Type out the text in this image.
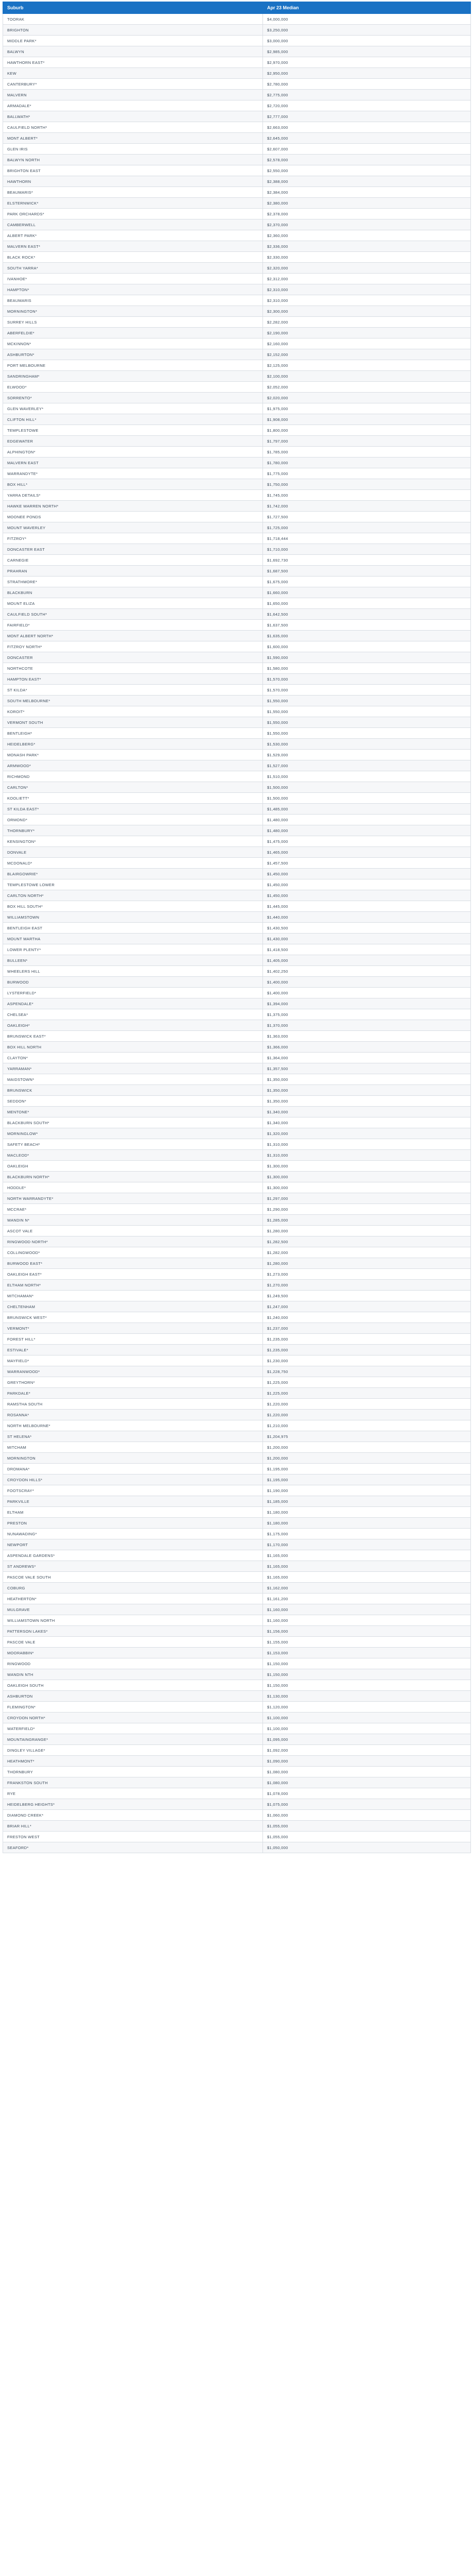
Suburb	Apr 23 Median
TOORAK	$4,000,000
BRIGHTON	$3,250,000
MIDDLE PARK*	$3,000,000
BALWYN	$2,985,000
HAWTHORN EAST*	$2,970,000
KEW	$2,950,000
CANTERBURY*	$2,780,000
MALVERN	$2,775,000
ARMADALE*	$2,720,000
BALLWATH*	$2,777,000
CAULFIELD NORTH*	$2,663,000
MONT ALBERT*	$2,645,000
GLEN IRIS	$2,607,000
BALWYN NORTH	$2,578,000
BRIGHTON EAST	$2,550,000
HAWTHORN	$2,388,000
BEAUMARIS*	$2,384,000
ELSTERNWICK*	$2,380,000
PARK ORCHARDS*	$2,378,000
CAMBERWELL	$2,370,000
ALBERT PARK*	$2,360,000
MALVERN EAST*	$2,336,000
BLACK ROCK*	$2,330,000
SOUTH YARRA*	$2,320,000
IVANHOE*	$2,312,000
HAMPTON*	$2,310,000
BEAUMARIS	$2,310,000
MORNINGTON*	$2,300,000
SURREY HILLS	$2,282,000
ABERFELDIE*	$2,190,000
MCKINNON*	$2,160,000
ASHBURTON*	$2,152,000
PORT MELBOURNE	$2,125,000
SANDRINGHAM*	$2,100,000
ELWOOD*	$2,052,000
SORRENTO*	$2,020,000
GLEN WAVERLEY*	$1,975,000
CLIFTON HILL*	$1,908,000
TEMPLESTOWE	$1,800,000
EDGEWATER	$1,797,000
ALPHINGTON*	$1,785,000
MALVERN EAST	$1,780,000
WARRANDYTE*	$1,775,000
BOX HILL*	$1,750,000
YARRA DETAILS*	$1,745,000
HAWKE WARREN NORTH*	$1,742,000
MOONEE PONDS	$1,727,500
MOUNT WAVERLEY	$1,725,000
FITZROY*	$1,718,444
DONCASTER EAST	$1,710,000
CARNEGIE	$1,692,730
PRAHRAN	$1,687,500
STRATHMORE*	$1,675,000
BLACKBURN	$1,660,000
MOUNT ELIZA	$1,650,000
CAULFIELD SOUTH*	$1,642,500
FAIRFIELD*	$1,637,500
MONT ALBERT NORTH*	$1,635,000
FITZROY NORTH*	$1,600,000
DONCASTER	$1,590,000
NORTHCOTE	$1,580,000
HAMPTON EAST*	$1,570,000
ST KILDA*	$1,570,000
SOUTH MELBOURNE*	$1,550,000
KOROIT*	$1,550,000
VERMONT SOUTH	$1,550,000
BENTLEIGH*	$1,550,000
HEIDELBERG*	$1,530,000
MONASH PARK*	$1,529,000
ARMWOOD*	$1,527,000
RICHMOND	$1,510,000
CARLTON*	$1,500,000
KOOLIETT*	$1,500,000
ST KILDA EAST*	$1,485,000
ORMOND*	$1,480,000
THORNBURY*	$1,480,000
KENSINGTON*	$1,475,000
DONVALE	$1,465,000
MCDONALD*	$1,457,500
BLAIRGOWRIE*	$1,450,000
TEMPLESTOWE LOWER	$1,450,000
CARLTON NORTH*	$1,450,000
BOX HILL SOUTH*	$1,445,000
WILLIAMSTOWN	$1,440,000
BENTLEIGH EAST	$1,430,500
MOUNT MARTHA	$1,430,000
LOWER PLENTY*	$1,418,500
BULLEEN*	$1,405,000
WHEELERS HILL	$1,402,250
BURWOOD	$1,400,000
LYSTERFIELD*	$1,400,000
ASPENDALE*	$1,394,000
CHELSEA*	$1,375,000
OAKLEIGH*	$1,370,000
BRUNSWICK EAST*	$1,363,000
BOX HILL NORTH	$1,366,000
CLAYTON*	$1,364,000
YARRAMAN*	$1,357,500
MAIDSTOWN*	$1,350,000
BRUNSWICK	$1,350,000
SEDDON*	$1,350,000
MENTONE*	$1,340,000
BLACKBURN SOUTH*	$1,340,000
MORNINGLOW*	$1,320,000
SAFETY BEACH*	$1,310,000
MACLEOD*	$1,310,000
OAKLEIGH	$1,300,000
BLACKBURN NORTH*	$1,300,000
HODDLE*	$1,300,000
NORTH WARRANDYTE*	$1,297,000
MCCRAE*	$1,290,000
WANDIN N*	$1,285,000
ASCOT VALE	$1,280,000
RINGWOOD NORTH*	$1,282,500
COLLINGWOOD*	$1,282,000
BURWOOD EAST*	$1,280,000
OAKLEIGH EAST*	$1,273,000
ELTHAM NORTH*	$1,270,000
MITCHAMAN*	$1,249,500
CHELTENHAM	$1,247,000
BRUNSWICK WEST*	$1,240,000
VERMONT*	$1,237,000
FOREST HILL*	$1,235,000
ESTIVALE*	$1,235,000
MAYFIELD*	$1,230,000
WARRANWOOD*	$1,228,750
GREYTHORN*	$1,225,000
PARKDALE*	$1,225,000
RAMSTHA SOUTH	$1,220,000
ROSANNA*	$1,220,000
NORTH MELBOURNE*	$1,210,000
ST HELENA*	$1,204,975
MITCHAM	$1,200,000
MORNINGTON	$1,200,000
DROMANA*	$1,195,000
CROYDON HILLS*	$1,195,000
FOOTSCRAY*	$1,190,000
PARKVILLE	$1,185,000
ELTHAM	$1,180,000
PRESTON	$1,180,000
NUNAWADING*	$1,175,000
NEWPORT	$1,170,000
ASPENDALE GARDENS*	$1,165,000
ST ANDREWS*	$1,165,000
PASCOE VALE SOUTH	$1,165,000
COBURG	$1,162,000
HEATHERTON*	$1,161,200
MULGRAVE	$1,160,000
WILLIAMSTOWN NORTH	$1,160,000
PATTERSON LAKES*	$1,156,000
PASCOE VALE	$1,155,000
MOORABBIN*	$1,153,000
RINGWOOD	$1,150,000
WANDIN NTH	$1,150,000
OAKLEIGH SOUTH	$1,150,000
ASHBURTON	$1,130,000
FLEMINGTON*	$1,120,000
CROYDON NORTH*	$1,100,000
WATERFIELD*	$1,100,000
MOUNTAINGRANGE*	$1,095,000
DINGLEY VILLAGE*	$1,092,000
HEATHMONT*	$1,090,000
THORNBURY	$1,080,000
FRANKSTON SOUTH	$1,080,000
RYE	$1,078,000
HEIDELBERG HEIGHTS*	$1,075,000
DIAMOND CREEK*	$1,060,000
BRIAR HILL*	$1,055,000
FRESTON WEST	$1,055,000
SEAFORD*	$1,050,000
